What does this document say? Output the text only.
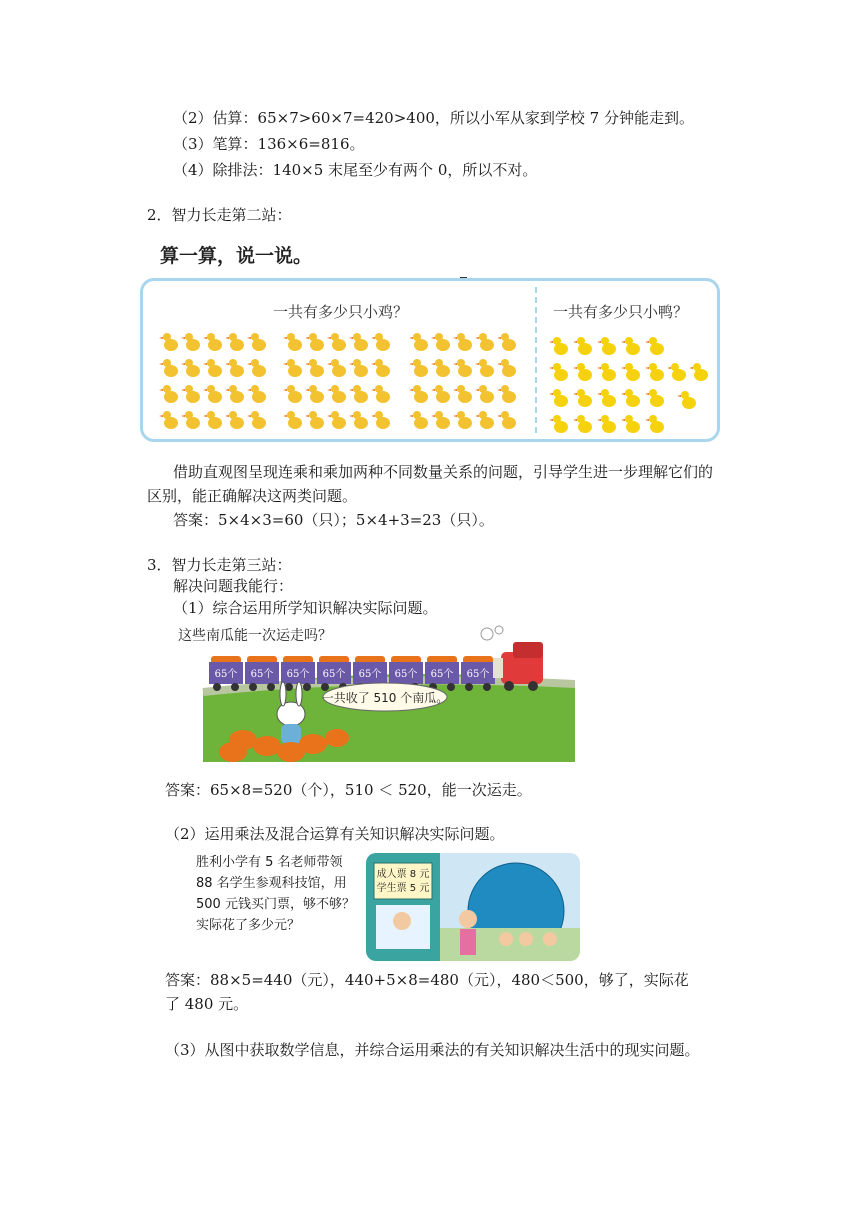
（2）估算：65×7>60×7=420>400，所以小军从家到学校 7 分钟能走到。
（3）笔算：136×6=816。
（4）除排法：140×5 末尾至少有两个 0，所以不对。
2．智力长走第二站：
算一算，说一说。
一共有多少只小鸡？	一共有多少只小鸭？
借助直观图呈现连乘和乘加两种不同数量关系的问题，引导学生进一步理解它们的
区别，能正确解决这两类问题。
答案：5×4×3=60（只）；5×4+3=23（只）。
3．智力长走第三站：
解决问题我能行：
（1）综合运用所学知识解决实际问题。
65个 65个 65个 65个 65个 65个 65个 65个
这些南瓜能一次运走吗？
一共收了 510 个南瓜。
答案：65×8=520（个），510 ＜ 520，能一次运走。
（2）运用乘法及混合运算有关知识解决实际问题。
胜利小学有 5 名老师带领
88 名学生参观科技馆，用
500 元钱买门票，够不够？
实际花了多少元？
成人票 8 元
学生票 5 元
答案：88×5=440（元），440+5×8=480（元），480＜500，够了，实际花
了 480 元。
（3）从图中获取数学信息，并综合运用乘法的有关知识解决生活中的现实问题。
